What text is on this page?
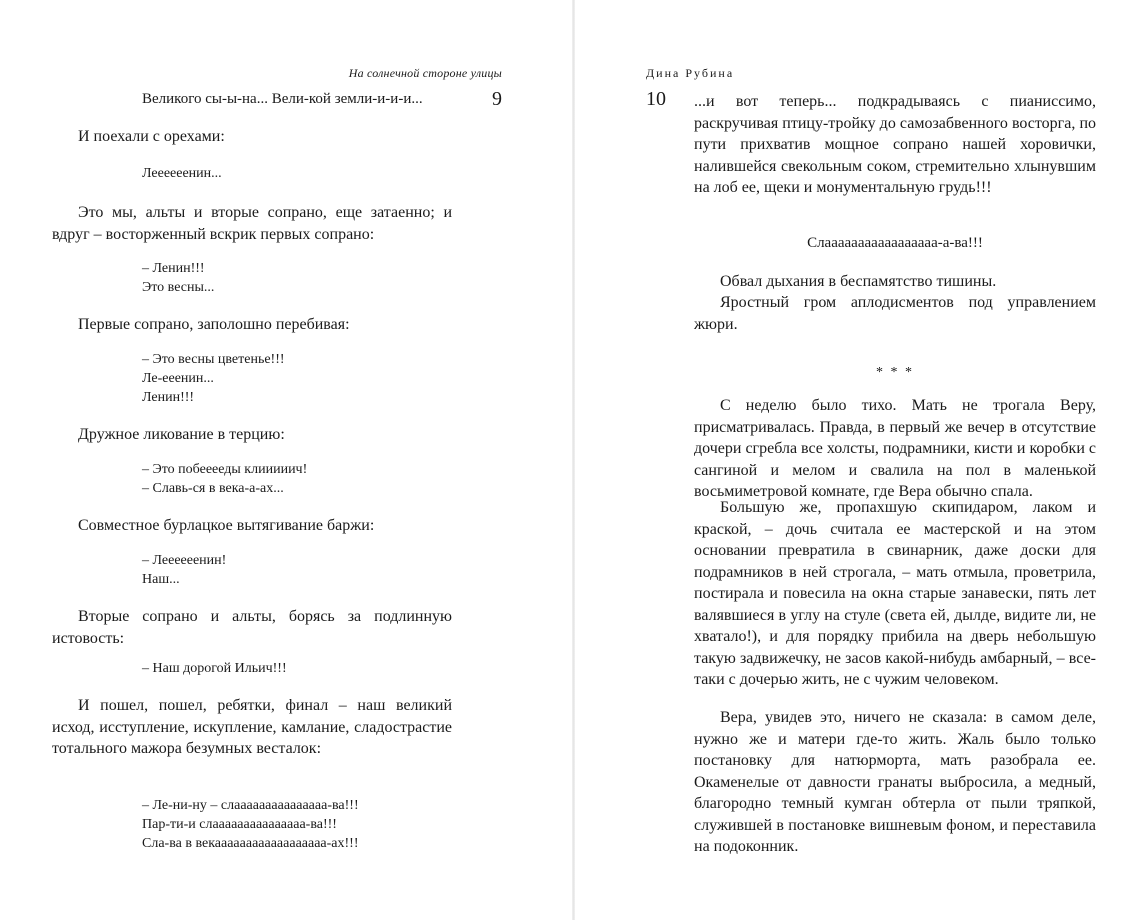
На солнечной стороне улицы
9
Великого сы-ы-на... Вели-кой земли-и-и-и...

И поехали с орехами:

Леееееенин...

Это мы, альты и вторые сопрано, еще затаенно; и вдруг – восторженный вскрик первых сопрано:

– Ленин!!!
Это весны...

Первые сопрано, заполошно перебивая:

– Это весны цветенье!!!
Ле-ееенин...
Ленин!!!

Дружное ликование в терцию:

– Это побееееды клииииич!
– Славь-ся в века-а-ах...

Совместное бурлацкое вытягивание баржи:

– Леееееенин!
Наш...

Вторые сопрано и альты, борясь за подлинную истовость:

– Наш дорогой Ильич!!!

И пошел, пошел, ребятки, финал – наш великий исход, исступление, искупление, камлание, сладострастие тотального мажора безумных весталок:

– Ле-ни-ну – слааааааааааааааа-ва!!!
Пар-ти-и слааааааааааааааа-ва!!!
Сла-ва в векаааааааааааааааааа-ах!!!
Дина Рубина
10 ...и вот теперь... подкрадываясь с пианиссимо, раскручивая птицу-тройку до самозабвенного восторга, по пути прихватив мощное сопрано нашей хоровички, налившейся свекольным соком, стремительно хлынувшим на лоб ее, щеки и монументальную грудь!!!

Слааааааааааааааааа-а-ва!!!

Обвал дыхания в беспамятство тишины.

Яростный гром аплодисментов под управлением жюри.

* * *

С неделю было тихо. Мать не трогала Веру, присматривалась. Правда, в первый же вечер в отсутствие дочери сгребла все холсты, подрамники, кисти и коробки с сангиной и мелом и свалила на пол в маленькой восьмиметровой комнате, где Вера обычно спала.

Большую же, пропахшую скипидаром, лаком и краской, – дочь считала ее мастерской и на этом основании превратила в свинарник, даже доски для подрамников в ней строгала, – мать отмыла, проветрила, постирала и повесила на окна старые занавески, пять лет валявшиеся в углу на стуле (света ей, дылде, видите ли, не хватало!), и для порядку прибила на дверь небольшую такую задвижечку, не засов какой-нибудь амбарный, – все-таки с дочерью жить, не с чужим человеком.

Вера, увидев это, ничего не сказала: в самом деле, нужно же и матери где-то жить. Жаль было только постановку для натюрморта, мать разобрала ее. Окаменелые от давности гранаты выбросила, а медный, благородно темный кумган обтерла от пыли тряпкой, служившей в постановке вишневым фоном, и переставила на подоконник.
